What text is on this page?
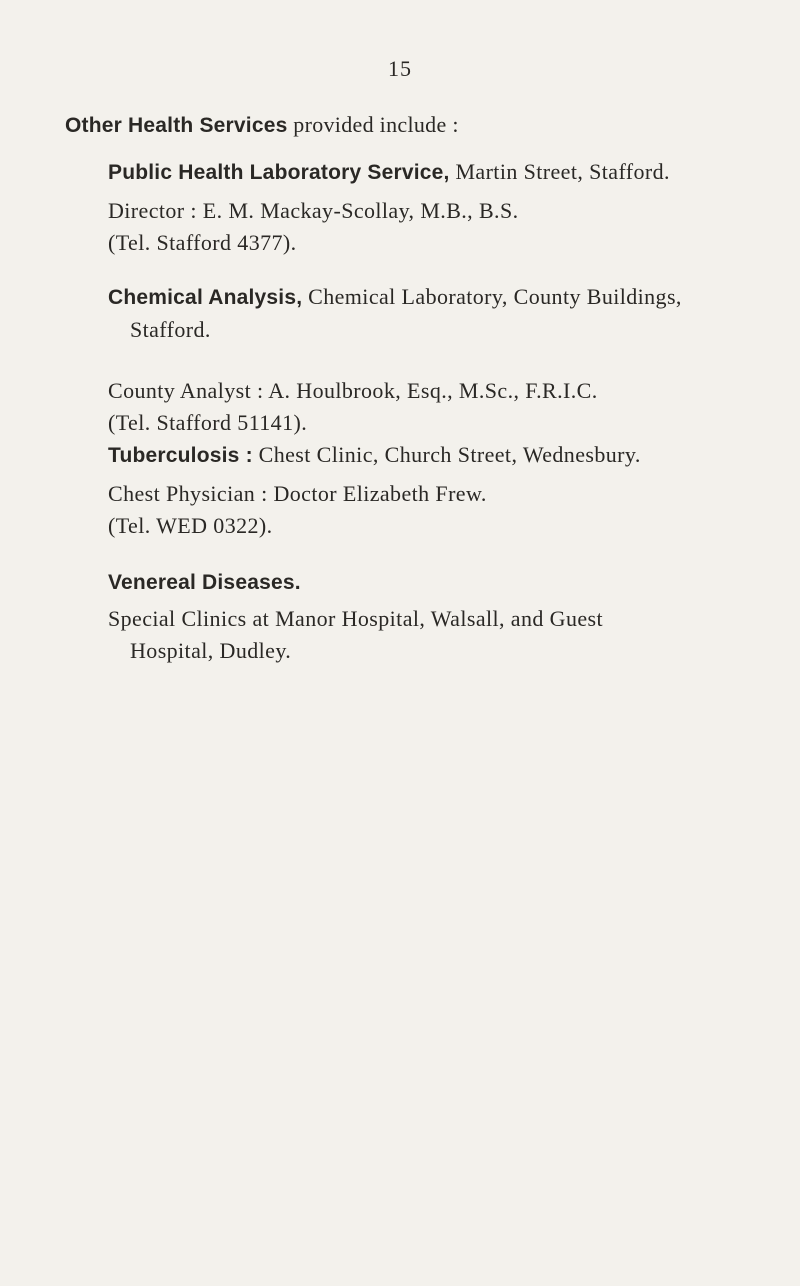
15
Other Health Services provided include :
Public Health Laboratory Service, Martin Street, Stafford.
Director : E. M. Mackay-Scollay, M.B., B.S.
(Tel. Stafford 4377).
Chemical Analysis, Chemical Laboratory, County Buildings,
Stafford.
County Analyst : A. Houlbrook, Esq., M.Sc., F.R.I.C.
(Tel. Stafford 51141).
Tuberculosis : Chest Clinic, Church Street, Wednesbury.
Chest Physician : Doctor Elizabeth Frew.
(Tel. WED 0322).
Venereal Diseases.
Special Clinics at Manor Hospital, Walsall, and Guest
Hospital, Dudley.
